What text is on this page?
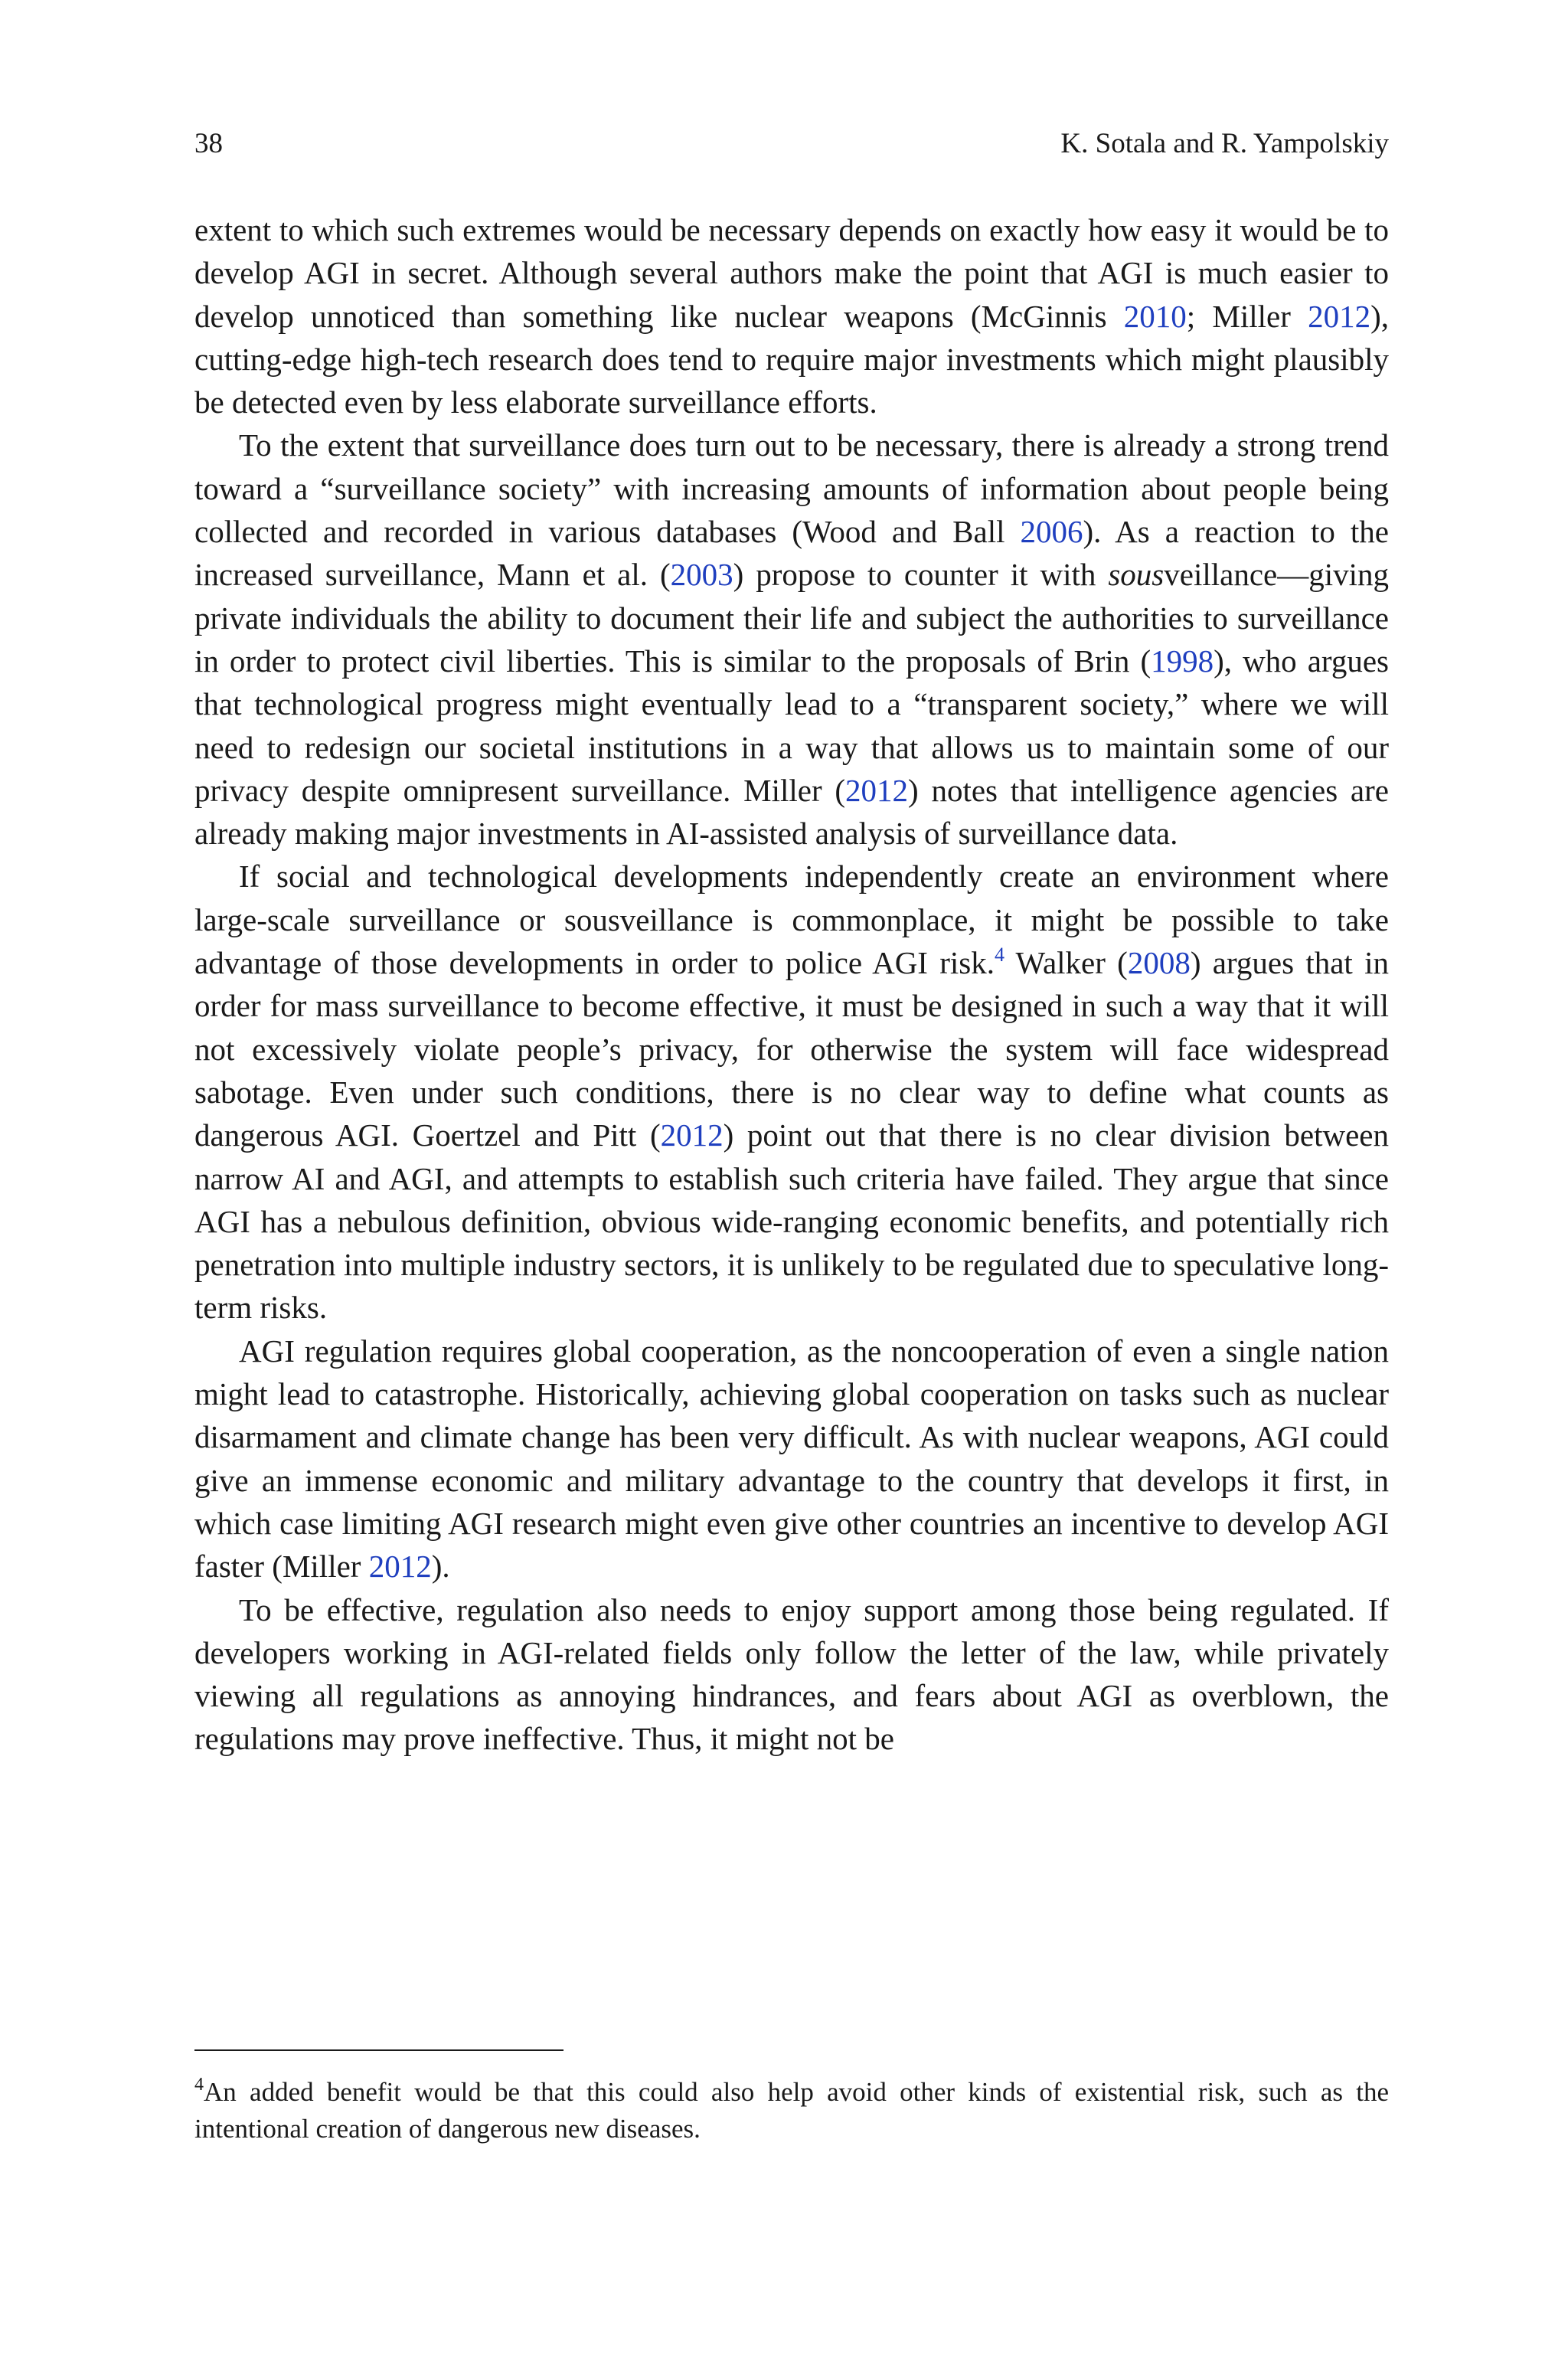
38	K. Sotala and R. Yampolskiy

extent to which such extremes would be necessary depends on exactly how easy it would be to develop AGI in secret. Although several authors make the point that AGI is much easier to develop unnoticed than something like nuclear weapons (McGinnis 2010; Miller 2012), cutting-edge high-tech research does tend to require major investments which might plausibly be detected even by less elaborate surveillance efforts.

To the extent that surveillance does turn out to be necessary, there is already a strong trend toward a “surveillance society” with increasing amounts of information about people being collected and recorded in various databases (Wood and Ball 2006). As a reaction to the increased surveillance, Mann et al. (2003) propose to counter it with sousveillance—giving private individuals the ability to document their life and subject the authorities to surveillance in order to protect civil liberties. This is similar to the proposals of Brin (1998), who argues that technological progress might eventually lead to a “transparent society,” where we will need to redesign our societal institutions in a way that allows us to maintain some of our privacy despite omnipresent surveillance. Miller (2012) notes that intelligence agencies are already making major investments in AI-assisted analysis of surveillance data.

If social and technological developments independently create an environment where large-scale surveillance or sousveillance is commonplace, it might be possible to take advantage of those developments in order to police AGI risk.$^4$ Walker (2008) argues that in order for mass surveillance to become effective, it must be designed in such a way that it will not excessively violate people’s privacy, for otherwise the system will face widespread sabotage. Even under such conditions, there is no clear way to define what counts as dangerous AGI. Goertzel and Pitt (2012) point out that there is no clear division between narrow AI and AGI, and attempts to establish such criteria have failed. They argue that since AGI has a nebulous definition, obvious wide-ranging economic benefits, and potentially rich penetration into multiple industry sectors, it is unlikely to be regulated due to speculative long-term risks.

AGI regulation requires global cooperation, as the noncooperation of even a single nation might lead to catastrophe. Historically, achieving global cooperation on tasks such as nuclear disarmament and climate change has been very difficult. As with nuclear weapons, AGI could give an immense economic and military advantage to the country that develops it first, in which case limiting AGI research might even give other countries an incentive to develop AGI faster (Miller 2012).

To be effective, regulation also needs to enjoy support among those being regulated. If developers working in AGI-related fields only follow the letter of the law, while privately viewing all regulations as annoying hindrances, and fears about AGI as overblown, the regulations may prove ineffective. Thus, it might not be

$^4$An added benefit would be that this could also help avoid other kinds of existential risk, such as the intentional creation of dangerous new diseases.
